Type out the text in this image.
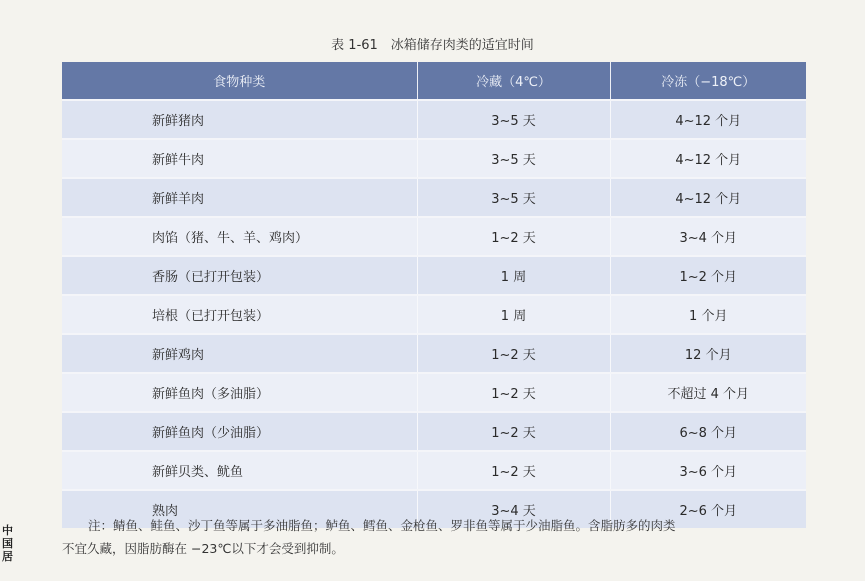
表 1-61　冰箱储存肉类的适宜时间
食物种类	冷藏（4℃）	冷冻（−18℃）
新鲜猪肉	3~5 天	4~12 个月
新鲜牛肉	3~5 天	4~12 个月
新鲜羊肉	3~5 天	4~12 个月
肉馅（猪、牛、羊、鸡肉）	1~2 天	3~4 个月
香肠（已打开包装）	1 周	1~2 个月
培根（已打开包装）	1 周	1 个月
新鲜鸡肉	1~2 天	12 个月
新鲜鱼肉（多油脂）	1~2 天	不超过 4 个月
新鲜鱼肉（少油脂）	1~2 天	6~8 个月
新鲜贝类、鱿鱼	1~2 天	3~6 个月
熟肉	3~4 天	2~6 个月
注：鲭鱼、鲑鱼、沙丁鱼等属于多油脂鱼；鲈鱼、鳕鱼、金枪鱼、罗非鱼等属于少油脂鱼。含脂肪多的肉类
不宜久藏，因脂肪酶在 −23℃以下才会受到抑制。
中
国
居
